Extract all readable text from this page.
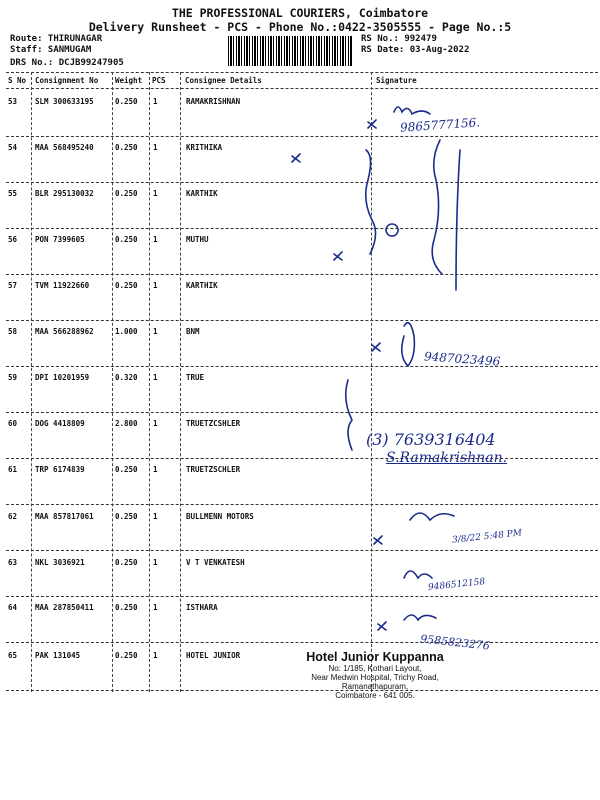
THE PROFESSIONAL COURIERS, Coimbatore
Delivery Runsheet - PCS - Phone No.:0422-3505555 - Page No.:5
Route: THIRUNAGAR
Staff: SANMUGAM
DRS No.: DCJB99247905
RS No.: 992479
RS Date: 03-Aug-2022
S No Consignment No Weight PCS	Consignee Details	Signature
53 SLM 300633195	0.250 1	RAMAKRISHNAN
54 MAA 568495240	0.250 1	KRITHIKA
55 BLR 295130032	0.250 1	KARTHIK
56 PON 7399605	0.250 1	MUTHU
57 TVM 11922660	0.250 1	KARTHIK
58 MAA 566288962	1.000 1	BNM
59 DPI 10201959	0.320 1	TRUE
60 DOG 4418809	2.800 1	TRUETZCSHLER
61 TRP 6174839	0.250 1	TRUETZSCHLER
62 MAA 857817061	0.250 1	BULLMENN MOTORS
63 NKL 3036921	0.250 1	V T VENKATESH
64 MAA 287850411	0.250 1	ISTHARA
65 PAK 131045	0.250 1	HOTEL JUNIOR
9865777156.
9487023496
(3) 7639316404
S.Ramakrishnan.
3/8/22 5:48 PM
9486512158
9585823276
Hotel Junior Kuppanna
No: 1/185, Kothari Layout,
Near Medwin Hospital, Trichy Road,
Ramanathapuram,
Coimbatore - 641 005.
